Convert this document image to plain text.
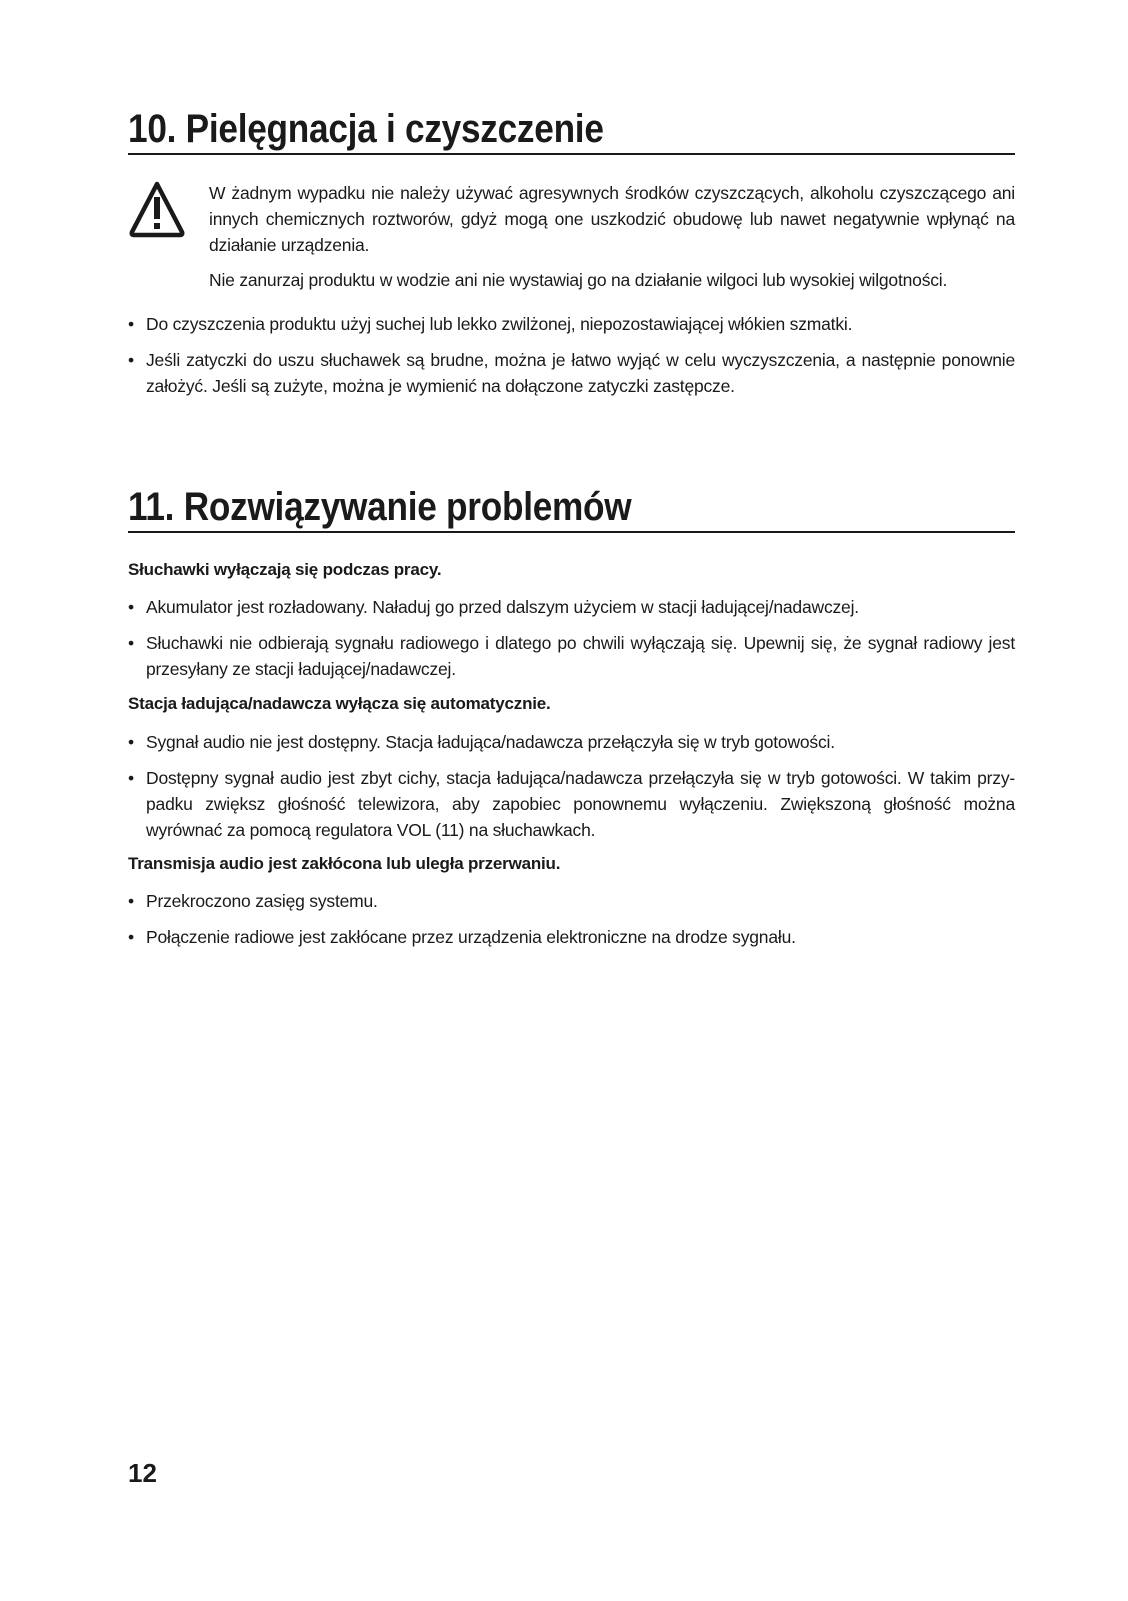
10. Pielęgnacja i czyszczenie
W żadnym wypadku nie należy używać agresywnych środków czyszczących, alkoholu czyszczącego ani innych chemicznych roztworów, gdyż mogą one uszkodzić obudowę lub nawet negatywnie wpłynąć na działanie urządzenia.
Nie zanurzaj produktu w wodzie ani nie wystawiaj go na działanie wilgoci lub wysokiej wilgotności.
• Do czyszczenia produktu użyj suchej lub lekko zwilżonej, niepozostawiającej włókien szmatki.
• Jeśli zatyczki do uszu słuchawek są brudne, można je łatwo wyjąć w celu wyczyszczenia, a następnie ponownie założyć. Jeśli są zużyte, można je wymienić na dołączone zatyczki zastępcze.
11. Rozwiązywanie problemów
Słuchawki wyłączają się podczas pracy.
• Akumulator jest rozładowany. Naładuj go przed dalszym użyciem w stacji ładującej/nadawczej.
• Słuchawki nie odbierają sygnału radiowego i dlatego po chwili wyłączają się. Upewnij się, że sygnał radiowy jest przesyłany ze stacji ładującej/nadawczej.
Stacja ładująca/nadawcza wyłącza się automatycznie.
• Sygnał audio nie jest dostępny. Stacja ładująca/nadawcza przełączyła się w tryb gotowości.
• Dostępny sygnał audio jest zbyt cichy, stacja ładująca/nadawcza przełączyła się w tryb gotowości. W takim przy-padku zwiększ głośność telewizora, aby zapobiec ponownemu wyłączeniu. Zwiększoną głośność można wyrównać za pomocą regulatora VOL (11) na słuchawkach.
Transmisja audio jest zakłócona lub uległa przerwaniu.
• Przekroczono zasięg systemu.
• Połączenie radiowe jest zakłócane przez urządzenia elektroniczne na drodze sygnału.
12
